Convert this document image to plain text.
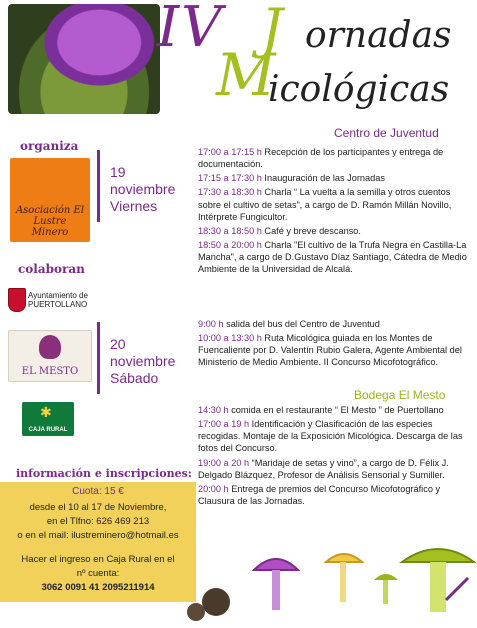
IV J ornadas
M
icológicas
Centro de Juventud
organiza
Asociación El Lustre Minero
colaboran
Ayuntamiento de
PUERTOLLANO
EL MESTO
✱
CAJA RURAL
información e inscripciones:
Cuota: 15 €
desde el 10 al 17 de Noviembre,
en el Tlfno: 626 469 213
o en el mail: ilustreminero@hotmail.es
Hacer el ingreso en Caja Rural en el
nº cuenta:
3062 0091 41 2095211914
19
noviembre
Viernes
17:00 a 17:15 h Recepción de los participantes y entrega de documentación.
17:15 a 17:30 h Inauguración de las Jornadas
17:30 a 18:30 h Charla “ La vuelta a la semilla y otros cuentos sobre el cultivo de setas”, a cargo de D. Ramón Millán Novillo, Intérprete Fungicultor.
18:30 a 18:50 h Café y breve descanso.
18:50 a 20:00 h Charla "El cultivo de la Trufa Negra en Castilla-La Mancha", a cargo de D.Gustavo Díaz Santiago, Cátedra de Medio Ambiente de la Universidad de Alcalá.
20
noviembre
Sábado
9:00 h salida del bus del Centro de Juventud
10:00 a 13:30 h Ruta Micológica guiada en los Montes de Fuencaliente por D. Valentín Rubio Galera, Agente Ambiental del Ministerio de Medio Ambiente. II Concurso Micofotográfico.
Bodega El Mesto
14:30 h comida en el restaurante “ El Mesto ” de Puertollano
17:00 a 19 h Identificación y Clasificación de las especies recogidas. Montaje de la Exposición Micológica. Descarga de las fotos del Concurso.
19:00 a 20 h “Maridaje de setas y vino”, a cargo de D. Félix J. Delgado Blázquez, Profesor de Análisis Sensorial y Sumiller.
20:00 h Entrega de premios del Concurso Micofotográfico y Clausura de las Jornadas.
